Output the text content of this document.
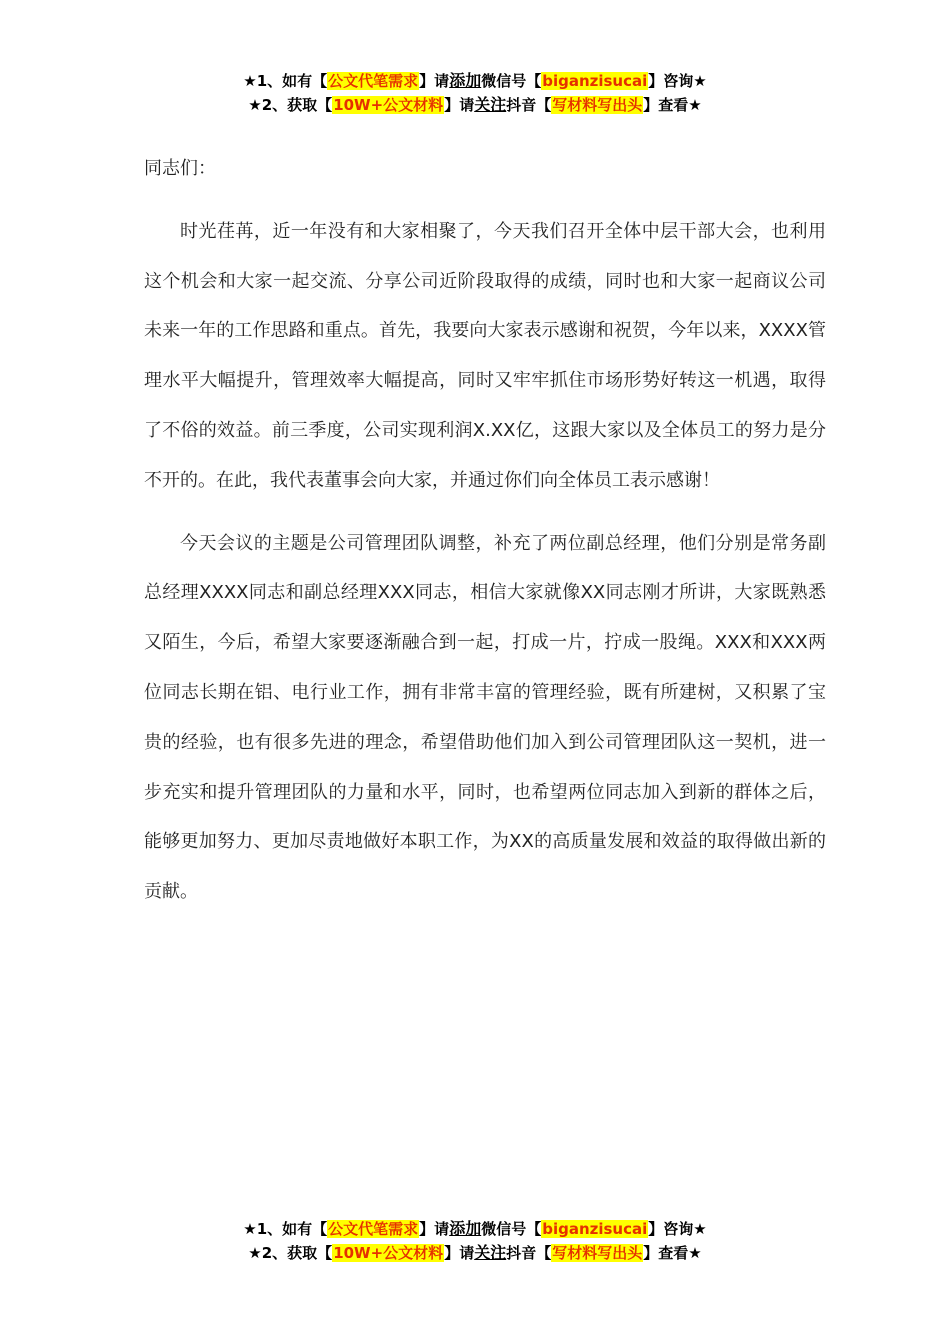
★1、如有【公文代笔需求】请添加微信号【biganzisucai】咨询★
★2、获取【10W+公文材料】请关注抖音【写材料写出头】查看★

同志们：

时光荏苒，近一年没有和大家相聚了，今天我们召开全体中层干部大会，也利用这个机会和大家一起交流、分享公司近阶段取得的成绩，同时也和大家一起商议公司未来一年的工作思路和重点。首先，我要向大家表示感谢和祝贺，今年以来，XXXX管理水平大幅提升，管理效率大幅提高，同时又牢牢抓住市场形势好转这一机遇，取得了不俗的效益。前三季度，公司实现利润X.XX亿，这跟大家以及全体员工的努力是分不开的。在此，我代表董事会向大家，并通过你们向全体员工表示感谢！

今天会议的主题是公司管理团队调整，补充了两位副总经理，他们分别是常务副总经理XXXX同志和副总经理XXX同志，相信大家就像XX同志刚才所讲，大家既熟悉又陌生，今后，希望大家要逐渐融合到一起，打成一片，拧成一股绳。XXX和XXX两位同志长期在铝、电行业工作，拥有非常丰富的管理经验，既有所建树，又积累了宝贵的经验，也有很多先进的理念，希望借助他们加入到公司管理团队这一契机，进一步充实和提升管理团队的力量和水平，同时，也希望两位同志加入到新的群体之后，能够更加努力、更加尽责地做好本职工作，为XX的高质量发展和效益的取得做出新的贡献。

★1、如有【公文代笔需求】请添加微信号【biganzisucai】咨询★
★2、获取【10W+公文材料】请关注抖音【写材料写出头】查看★
